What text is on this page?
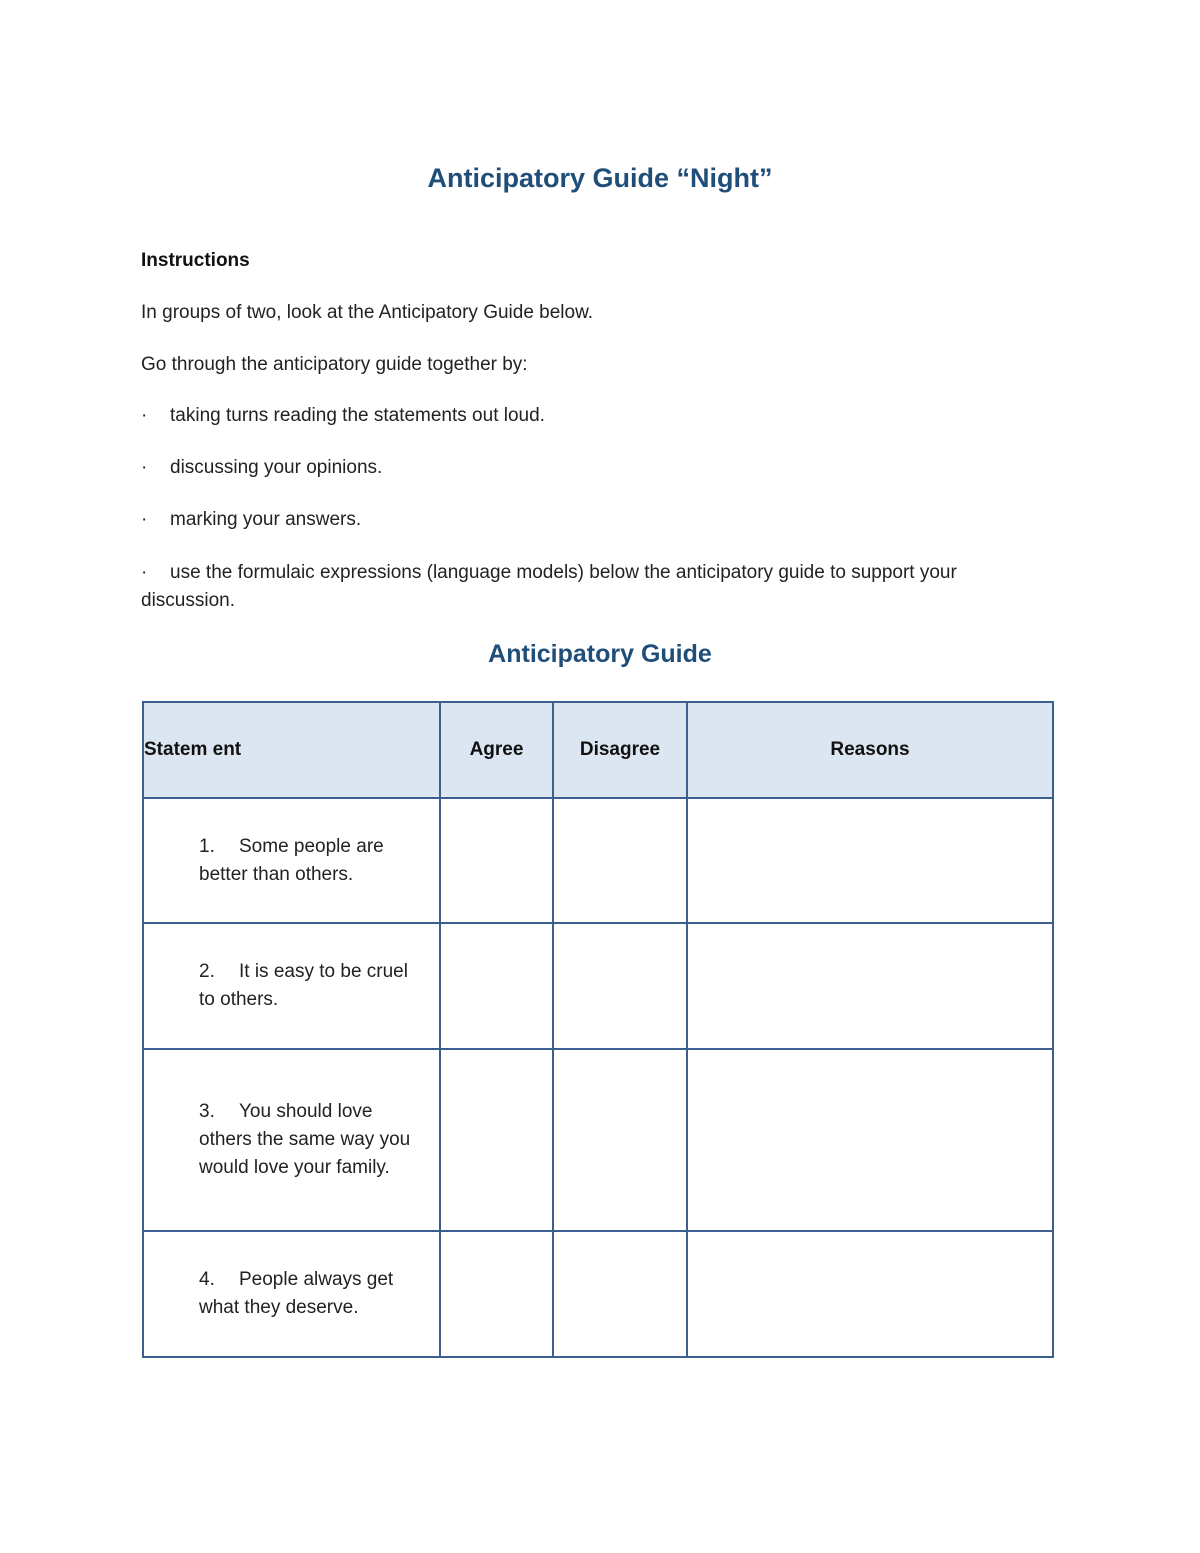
Anticipatory Guide “Night”

Instructions

In groups of two, look at the Anticipatory Guide below.

Go through the anticipatory guide together by:

· taking turns reading the statements out loud.

· discussing your opinions.

· marking your answers.

· use the formulaic expressions (language models) below the anticipatory guide to support your discussion.

Anticipatory Guide
Statem ent	Agree	Disagree	Reasons
1. Some people are better than others.			
2. It is easy to be cruel to others.			
3. You should love others the same way you would love your family.			
4. People always get what they deserve.			
